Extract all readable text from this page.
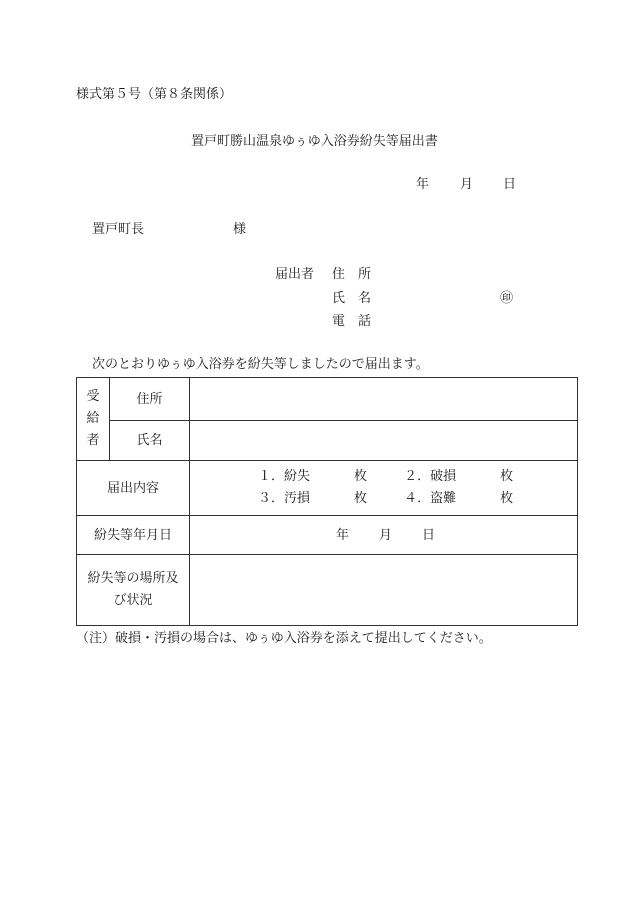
様式第５号（第８条関係）
置戸町勝山温泉ゆぅゆ入浴券紛失等届出書
年 月 日
置戸町長	様
届出者 住　所
氏　名	㊞
電　話
次のとおりゆぅゆ入浴券を紛失等しましたので届出ます。
受
給
者	住所	
	氏名	
届出内容		１．紛失 枚 ２．破損 枚
３．汚損 枚 ４．盗難 枚

紛失等年月日		年 月 日

紛失等の場所及
び状況		

（注）破損・汚損の場合は、ゆぅゆ入浴券を添えて提出してください。
